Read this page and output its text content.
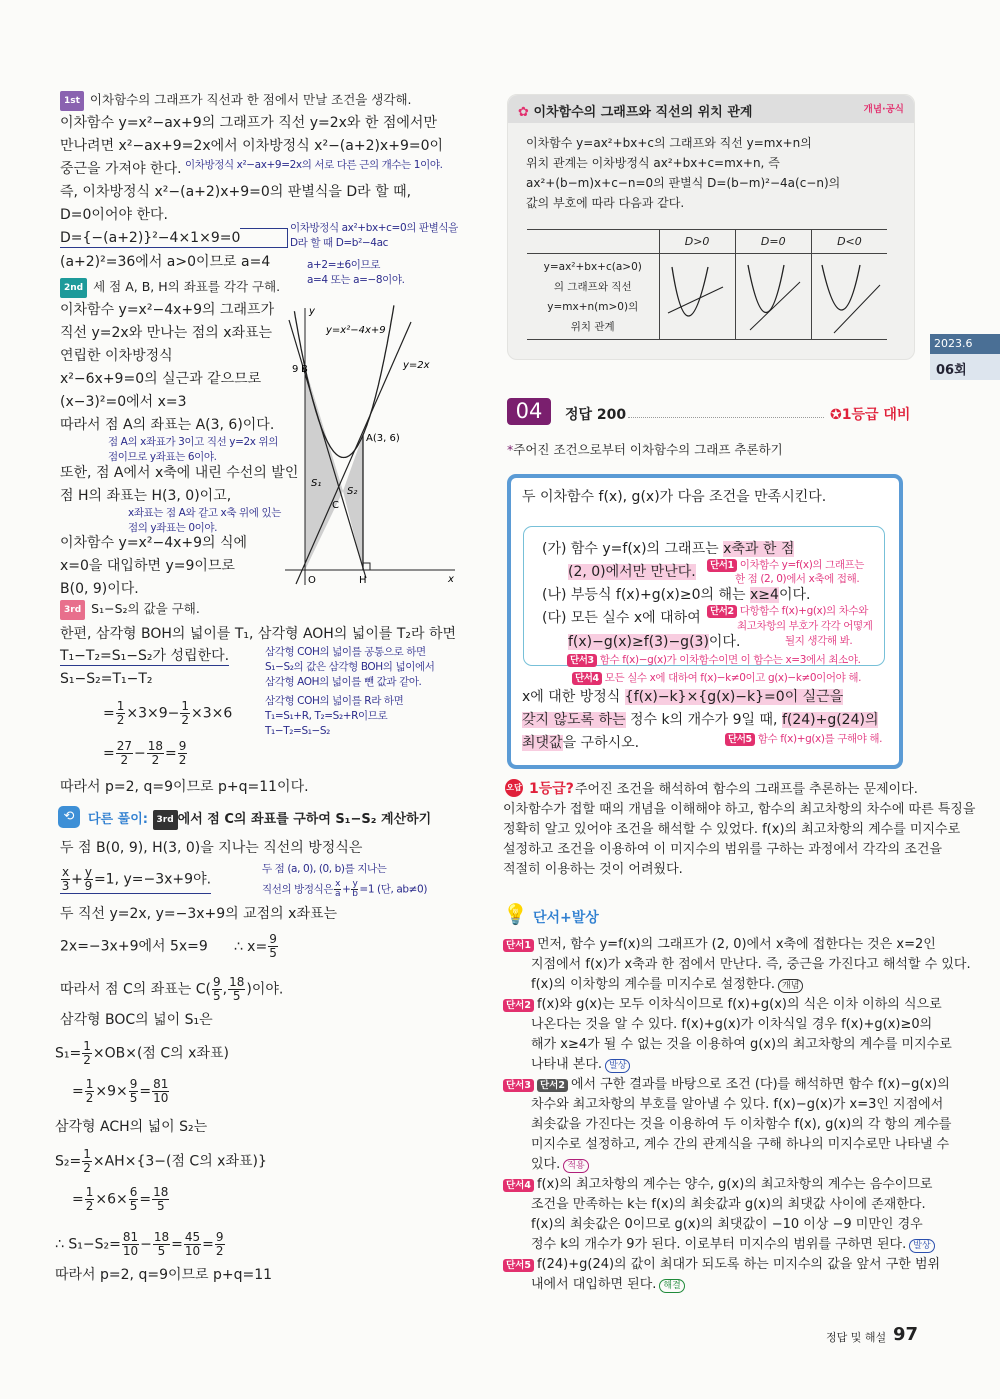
1st 이차함수의 그래프가 직선과 한 점에서 만날 조건을 생각해.
이차함수 y=x²−ax+9의 그래프가 직선 y=2x와 한 점에서만
만나려면 x²−ax+9=2x에서 이차방정식 x²−(a+2)x+9=0이
중근을 가져야 한다. 이차방정식 x²−ax+9=2x의 서로 다른 근의 개수는 1이야.
즉, 이차방정식 x²−(a+2)x+9=0의 판별식을 D라 할 때,
D=0이어야 한다.
D={−(a+2)}²−4×1×9=0
(a+2)²=36에서 a>0이므로 a=4
이차방정식 ax²+bx+c=0의 판별식을
D라 할 때 D=b²−4ac
a+2=±6이므로
a=4 또는 a=−8이야.
2nd 세 점 A, B, H의 좌표를 각각 구해.
이차함수 y=x²−4x+9의 그래프가
직선 y=2x와 만나는 점의 x좌표는
연립한 이차방정식
x²−6x+9=0의 실근과 같으므로
(x−3)²=0에서 x=3
따라서 점 A의 좌표는 A(3, 6)이다.
점 A의 x좌표가 3이고 직선 y=2x 위의
점이므로 y좌표는 6이야.
또한, 점 A에서 x축에 내린 수선의 발인
점 H의 좌표는 H(3, 0)이고,
x좌표는 점 A와 같고 x축 위에 있는
점의 y좌표는 0이야.
이차함수 y=x²−4x+9의 식에
x=0을 대입하면 y=9이므로
B(0, 9)이다.
y
x
O	H
9 B
A(3, 6)
C
S₁
S₂
y=x²−4x+9
y=2x
3rd S₁−S₂의 값을 구해.
한편, 삼각형 BOH의 넓이를 T₁, 삼각형 AOH의 넓이를 T₂라 하면
T₁−T₂=S₁−S₂가 성립한다.
S₁−S₂=T₁−T₂
삼각형 COH의 넓이를 공통으로 하면
S₁−S₂의 값은 삼각형 BOH의 넓이에서
삼각형 AOH의 넓이를 뺀 값과 같아.
삼각형 COH의 넓이를 R라 하면
T₁=S₁+R, T₂=S₂+R이므로
T₁−T₂=S₁−S₂
= $\frac{1}{2} \times 3\times 9- \frac{1}{2} \times 3\times 6$
= $\frac{27}{2} - \frac{18}{2} = \frac{9}{2}$
따라서 p=2, q=9이므로 p+q=11이다.
⟲	다른 풀이: 3rd 에서 점 C의 좌표를 구하여 S₁−S₂ 계산하기
두 점 B(0, 9), H(3, 0)을 지나는 직선의 방정식은
$\frac{x}{3} + \frac{y}{9} =1$, y=−3x+9야.
두 점 (a, 0), (0, b)를 지나는
직선의 방정식은 $\frac{x}{a} + \frac{y}{b} =1$ (단, ab≠0)
두 직선 y=2x, y=−3x+9의 교점의 x좌표는
2x=−3x+9에서 5x=9 ∴ $x= \frac{9}{5}$
따라서 점 C의 좌표는 $C( \frac{9}{5}$ , $\frac{18}{5}$ )이야.
삼각형 BOC의 넓이 S₁은
$S_1= \frac{1}{2} \times OB\times$(점 C의 x좌표)
= $\frac{1}{2} \times 9\times \frac{9}{5} = \frac{81}{10}$
삼각형 ACH의 넓이 S₂는
$S_2= \frac{1}{2} \times AH\times\{3-$(점 C의 x좌표)}
= $\frac{1}{2} \times 6\times \frac{6}{5} = \frac{18}{5}$
∴ $S_1-S_2= \frac{81}{10} - \frac{18}{5} = \frac{45}{10} = \frac{9}{2}$
따라서 p=2, q=9이므로 p+q=11
✿ 이차함수의 그래프와 직선의 위치 관계	개념·공식
이차함수 y=ax²+bx+c의 그래프와 직선 y=mx+n의
위치 관계는 이차방정식 ax²+bx+c=mx+n, 즉
ax²+(b−m)x+c−n=0의 판별식 D=(b−m)²−4a(c−n)의
값의 부호에 따라 다음과 같다.
	D>0	D=0	D<0

y=ax²+bx+c(a>0)
의 그래프와 직선
y=mx+n(m>0)의
위치 관계

2023.6
06회
04	정답 200	✪1등급 대비
*주어진 조건으로부터 이차함수의 그래프 추론하기
두 이차함수 f(x), g(x)가 다음 조건을 만족시킨다.
(가) 함수 y=f(x)의 그래프는 x축과 한 점
(2, 0)에서만 만난다.
(나) 부등식 f(x)+g(x)≥0의 해는 x≥4이다.
(다) 모든 실수 x에 대하여
f(x)−g(x)≥f(3)−g(3)이다.
x에 대한 방정식 {f(x)−k}×{g(x)−k}=0이 실근을
갖지 않도록 하는 정수 k의 개수가 9일 때, f(24)+g(24)의
최댓값을 구하시오.
단서1 이차함수 y=f(x)의 그래프는
한 점 (2, 0)에서 x축에 접해.
단서2 다항함수 f(x)+g(x)의 차수와
최고차항의 부호가 각각 어떻게
될지 생각해 봐.
단서3 함수 f(x)−g(x)가 이차함수이면 이 함수는 x=3에서 최소야.
단서4 모든 실수 x에 대하여 f(x)−k≠0이고 g(x)−k≠0이어야 해.
단서5 함수 f(x)+g(x)를 구해야 해.
오답 1등급? 주어진 조건을 해석하여 함수의 그래프를 추론하는 문제이다.
이차함수가 접할 때의 개념을 이해해야 하고, 함수의 최고차항의 차수에 따른 특징을
정확히 알고 있어야 조건을 해석할 수 있었다. f(x)의 최고차항의 계수를 미지수로
설정하고 조건을 이용하여 이 미지수의 범위를 구하는 과정에서 각각의 조건을
적절히 이용하는 것이 어려웠다.
💡 단서+발상
단서1 먼저, 함수 y=f(x)의 그래프가 (2, 0)에서 x축에 접한다는 것은 x=2인
지점에서 f(x)가 x축과 한 점에서 만난다. 즉, 중근을 가진다고 해석할 수 있다.
f(x)의 이차항의 계수를 미지수로 설정한다. 개념
단서2 f(x)와 g(x)는 모두 이차식이므로 f(x)+g(x)의 식은 이차 이하의 식으로
나온다는 것을 알 수 있다. f(x)+g(x)가 이차식일 경우 f(x)+g(x)≥0의
해가 x≥4가 될 수 없는 것을 이용하여 g(x)의 최고차항의 계수를 미지수로
나타내 본다. 발상
단서3 단서2 에서 구한 결과를 바탕으로 조건 (다)를 해석하면 함수 f(x)−g(x)의
차수와 최고차항의 부호를 알아낼 수 있다. f(x)−g(x)가 x=3인 지점에서
최솟값을 가진다는 것을 이용하여 두 이차함수 f(x), g(x)의 각 항의 계수를
미지수로 설정하고, 계수 간의 관계식을 구해 하나의 미지수로만 나타낼 수
있다. 적용
단서4 f(x)의 최고차항의 계수는 양수, g(x)의 최고차항의 계수는 음수이므로
조건을 만족하는 k는 f(x)의 최솟값과 g(x)의 최댓값 사이에 존재한다.
f(x)의 최솟값은 0이므로 g(x)의 최댓값이 −10 이상 −9 미만인 경우
정수 k의 개수가 9가 된다. 이로부터 미지수의 범위를 구하면 된다. 발상
단서5 f(24)+g(24)의 값이 최대가 되도록 하는 미지수의 값을 앞서 구한 범위
내에서 대입하면 된다. 해결
정답 및 해설 97
